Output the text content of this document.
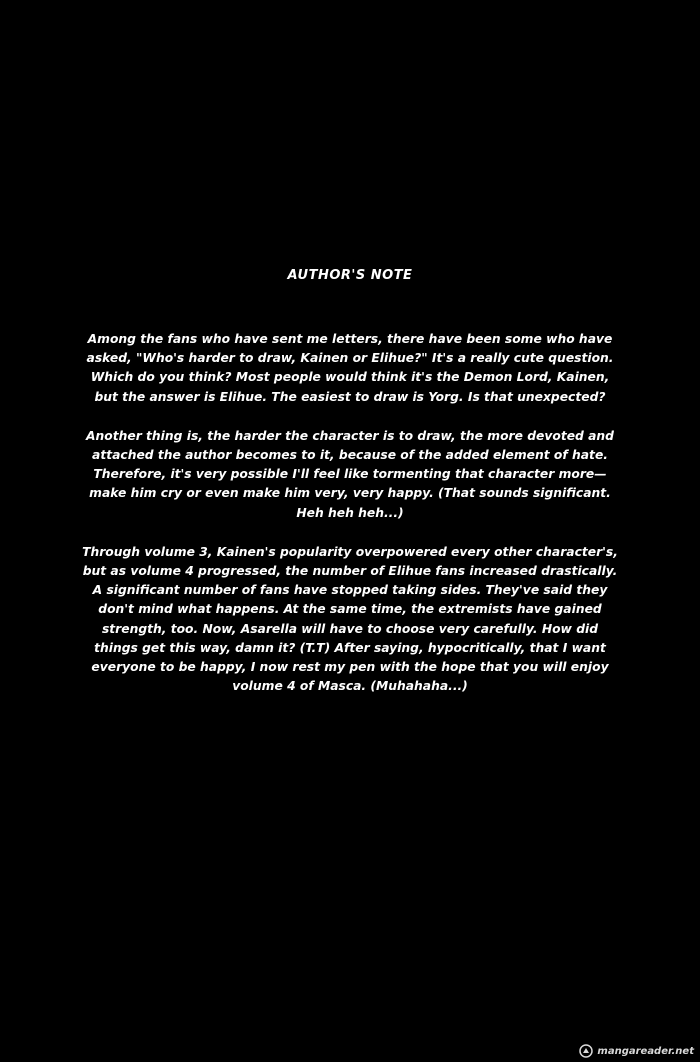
AUTHOR'S NOTE
Among the fans who have sent me letters, there have been some who have
asked, "Who's harder to draw, Kainen or Elihue?" It's a really cute question.
Which do you think? Most people would think it's the Demon Lord, Kainen,
but the answer is Elihue. The easiest to draw is Yorg. Is that unexpected?
Another thing is, the harder the character is to draw, the more devoted and
attached the author becomes to it, because of the added element of hate.
Therefore, it's very possible I'll feel like tormenting that character more—
make him cry or even make him very, very happy. (That sounds significant.
Heh heh heh...)
Through volume 3, Kainen's popularity overpowered every other character's,
but as volume 4 progressed, the number of Elihue fans increased drastically.
A significant number of fans have stopped taking sides. They've said they
don't mind what happens. At the same time, the extremists have gained
strength, too. Now, Asarella will have to choose very carefully. How did
things get this way, damn it? (T.T) After saying, hypocritically, that I want
everyone to be happy, I now rest my pen with the hope that you will enjoy
volume 4 of Masca. (Muhahaha...)
mangareader.net
